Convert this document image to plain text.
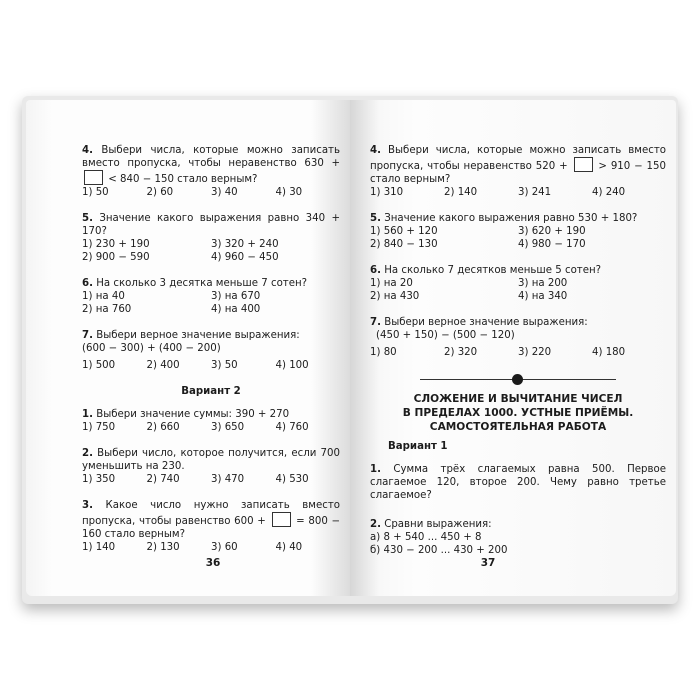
4. Выбери числа, которые можно записать вместо пропуска, чтобы неравенство 630 +  < 840 − 150 стало верным?
1) 50	2) 60	3) 40	4) 30
5. Значение какого выражения равно 340 + 170?
1) 230 + 190	3) 320 + 240
2) 900 − 590	4) 960 − 450
6. На сколько 3 десятка меньше 7 сотен?
1) на 40	3) на 670
2) на 760	4) на 400
7. Выбери верное значение выражения:
(600 − 300) + (400 − 200)
1) 500	2) 400	3) 50	4) 100
Вариант 2
1. Выбери значение суммы: 390 + 270
1) 750	2) 660	3) 650	4) 760
2. Выбери число, которое получится, если 700 уменьшить на 230.
1) 350	2) 740	3) 470	4) 530
3. Какое число нужно записать вместо пропуска, чтобы равенство 600 +	= 800 − 160 стало верным?
1) 140	2) 130	3) 60	4) 40
36
4. Выбери числа, которые можно записать вместо пропуска, чтобы неравенство 520 +	> 910 − 150 стало верным?
1) 310	2) 140	3) 241	4) 240
5. Значение какого выражения равно 530 + 180?
1) 560 + 120	3) 620 + 190
2) 840 − 130	4) 980 − 170
6. На сколько 7 десятков меньше 5 сотен?
1) на 20	3) на 200
2) на 430	4) на 340
7. Выбери верное значение выражения:
(450 + 150) − (500 − 120)
1) 80	2) 320	3) 220	4) 180
СЛОЖЕНИЕ И ВЫЧИТАНИЕ ЧИСЕЛ
В ПРЕДЕЛАХ 1000. УСТНЫЕ ПРИЁМЫ.
САМОСТОЯТЕЛЬНАЯ РАБОТА
Вариант 1
1. Сумма трёх слагаемых равна 500. Первое слагаемое 120, второе 200. Чему равно третье слагаемое?
2. Сравни выражения:
а) 8 + 540 ... 450 + 8
б) 430 − 200 ... 430 + 200
37
